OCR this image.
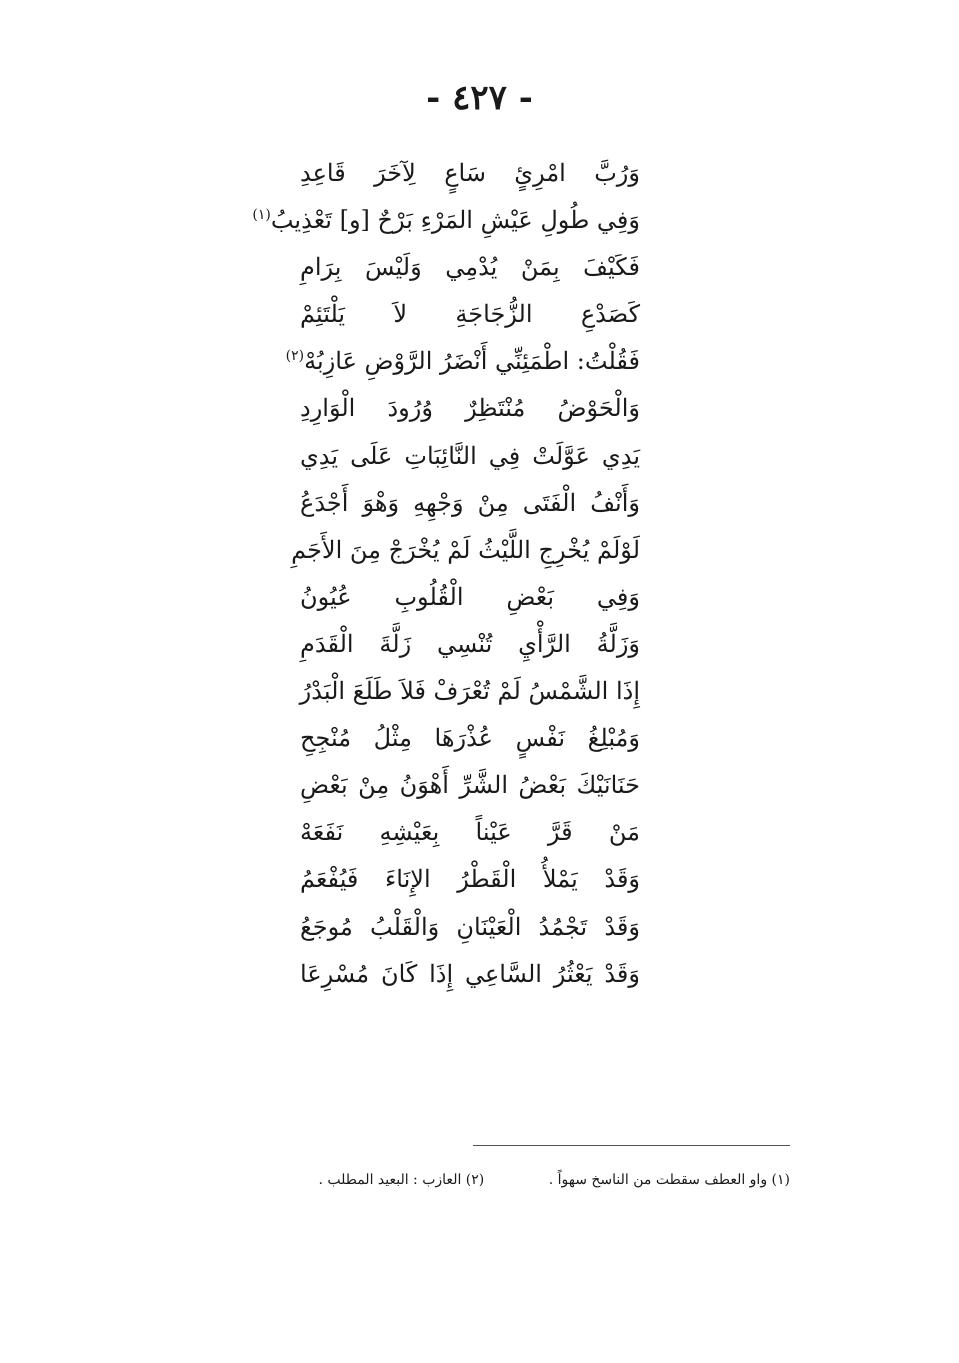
- ٤٢٧ -
وَرُبَّ امْرِئٍ سَاعٍ لِآخَرَ قَاعِدِ
وَفِي طُولِ عَيْشِ المَرْءِ بَرْحٌ [و] تَعْذِيبُ$^{(١)}$
فَكَيْفَ بِمَنْ يُدْمِي وَلَيْسَ بِرَامِ
كَصَدْعِ الزُّجَاجَةِ لاَ يَلْتَئِمْ
فَقُلْتُ: اطْمَئِنِّي أَنْضَرُ الرَّوْضِ عَازِبُهْ$^{(٢)}$
وَالْحَوْضُ مُنْتَظِرٌ وُرُودَ الْوَارِدِ
يَدِي عَوَّلَتْ فِي النَّائِبَاتِ عَلَى يَدِي
وَأَنْفُ الْفَتَى مِنْ وَجْهِهِ وَهْوَ أَجْدَعُ
لَوْلَمْ يُخْرِجِ اللَّيْثُ لَمْ يُخْرَجْ مِنَ الأَجَمِ
وَفِي بَعْضِ الْقُلُوبِ عُيُونُ
وَزَلَّةُ الرَّأْيِ تُنْسِي زَلَّةَ الْقَدَمِ
إِذَا الشَّمْسُ لَمْ تُعْرَفْ فَلاَ طَلَعَ الْبَدْرُ
وَمُبْلِغُ نَفْسٍ عُذْرَهَا مِثْلُ مُنْجِحِ
حَنَانَيْكَ بَعْضُ الشَّرِّ أَهْوَنُ مِنْ بَعْضِ
مَنْ قَرَّ عَيْناً بِعَيْشِهِ نَفَعَهْ
وَقَدْ يَمْلأُ الْقَطْرُ الإِنَاءَ فَيُفْعَمُ
وَقَدْ تَجْمُدُ الْعَيْنَانِ وَالْقَلْبُ مُوجَعُ
وَقَدْ يَعْثُرُ السَّاعِي إِذَا كَانَ مُسْرِعَا
(١) واو العطف سقطت من الناسخ سهواً . (٢) العازب : البعيد المطلب .
